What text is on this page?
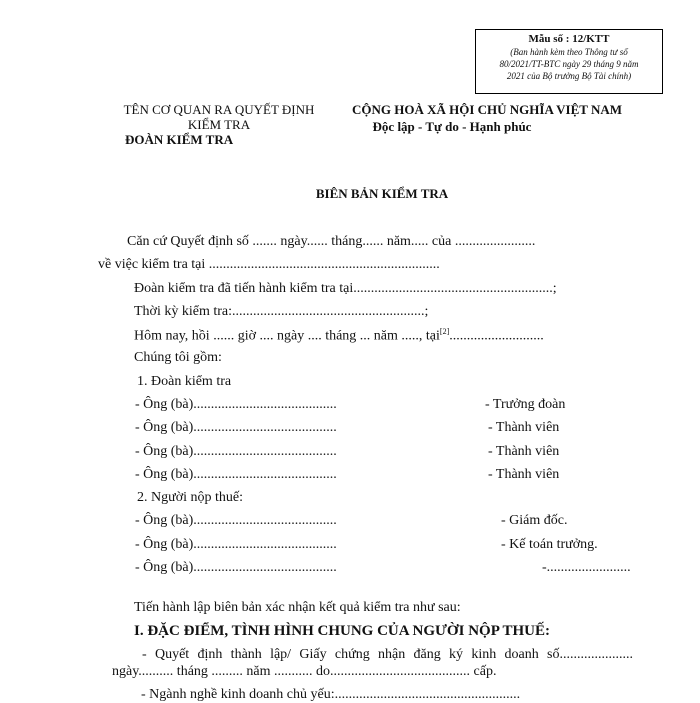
Mẫu số : 12/KTT
(Ban hành kèm theo Thông tư số
80/2021/TT-BTC ngày 29 tháng 9 năm
2021 của Bộ trưởng Bộ Tài chính)
TÊN CƠ QUAN RA QUYẾT ĐỊNH
KIỂM TRA
ĐOÀN KIỂM TRA
CỘNG HOÀ XÃ HỘI CHỦ NGHĨA VIỆT NAM
Độc lập - Tự do - Hạnh phúc
BIÊN BẢN KIỂM TRA
Căn cứ Quyết định số ....... ngày...... tháng...... năm..... của .......................
về việc kiểm tra tại ..................................................................
Đoàn kiểm tra đã tiến hành kiểm tra tại.........................................................;
Thời kỳ kiểm tra:.......................................................;
Hôm nay, hồi ...... giờ .... ngày .... tháng ... năm ....., tại[2]...........................
Chúng tôi gồm:
1. Đoàn kiểm tra
- Ông (bà).........................................	- Trưởng đoàn
- Ông (bà).........................................	- Thành viên
- Ông (bà).........................................	- Thành viên
- Ông (bà).........................................	- Thành viên
2. Người nộp thuế:
- Ông (bà).........................................	- Giám đốc.
- Ông (bà).........................................	- Kế toán trưởng.
- Ông (bà).........................................	-........................
Tiến hành lập biên bản xác nhận kết quả kiểm tra như sau:
I. ĐẶC ĐIỂM, TÌNH HÌNH CHUNG CỦA NGƯỜI NỘP THUẾ:
- Quyết định thành lập/ Giấy chứng nhận đăng ký kinh doanh số.....................
ngày.......... tháng ......... năm ........... do........................................ cấp.
- Ngành nghề kinh doanh chủ yếu:.....................................................
